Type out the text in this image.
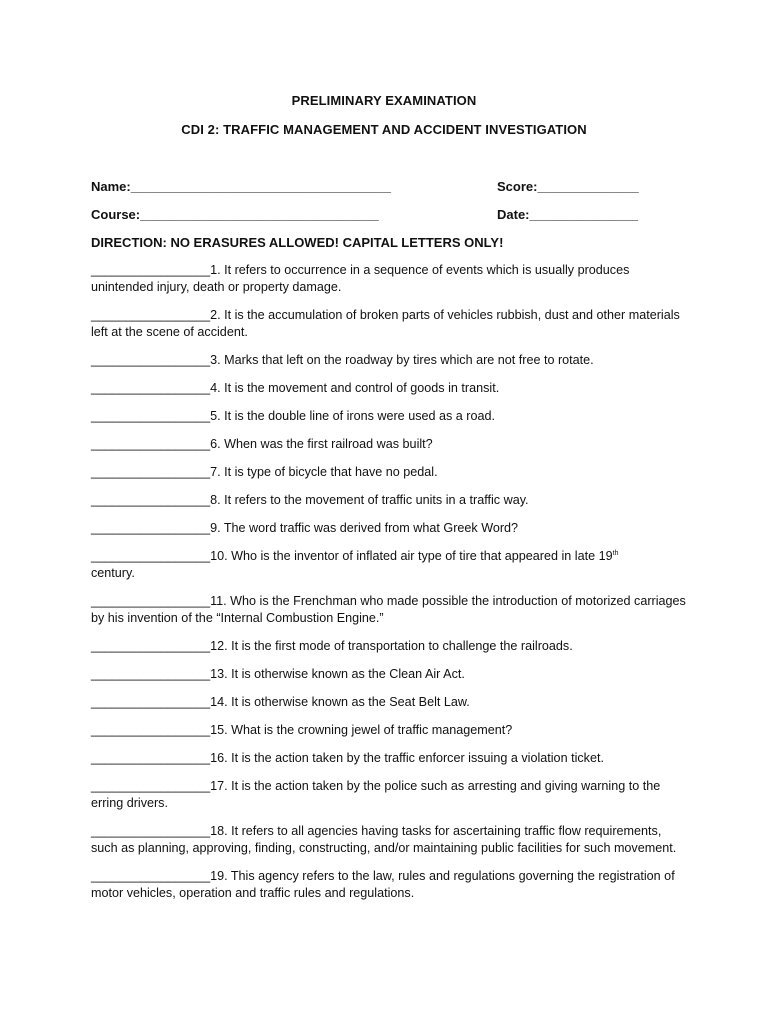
PRELIMINARY EXAMINATION
CDI 2: TRAFFIC MANAGEMENT AND ACCIDENT INVESTIGATION
Name:____________________________________	Score:______________
Course:_________________________________	Date:_______________
DIRECTION: NO ERASURES ALLOWED! CAPITAL LETTERS ONLY!
_________________1. It refers to occurrence in a sequence of events which is usually produces unintended injury, death or property damage.
_________________2. It is the accumulation of broken parts of vehicles rubbish, dust and other materials left at the scene of accident.
_________________3. Marks that left on the roadway by tires which are not free to rotate.
_________________4. It is the movement and control of goods in transit.
_________________5. It is the double line of irons were used as a road.
_________________6. When was the first railroad was built?
_________________7. It is type of bicycle that have no pedal.
_________________8. It refers to the movement of traffic units in a traffic way.
_________________9. The word traffic was derived from what Greek Word?
_________________10. Who is the inventor of inflated air type of tire that appeared in late 19th
century.
_________________11. Who is the Frenchman who made possible the introduction of motorized carriages by his invention of the “Internal Combustion Engine.”
_________________12. It is the first mode of transportation to challenge the railroads.
_________________13. It is otherwise known as the Clean Air Act.
_________________14. It is otherwise known as the Seat Belt Law.
_________________15. What is the crowning jewel of traffic management?
_________________16. It is the action taken by the traffic enforcer issuing a violation ticket.
_________________17. It is the action taken by the police such as arresting and giving warning to the erring drivers.
_________________18. It refers to all agencies having tasks for ascertaining traffic flow requirements, such as planning, approving, finding, constructing, and/or maintaining public facilities for such movement.
_________________19. This agency refers to the law, rules and regulations governing the registration of motor vehicles, operation and traffic rules and regulations.
